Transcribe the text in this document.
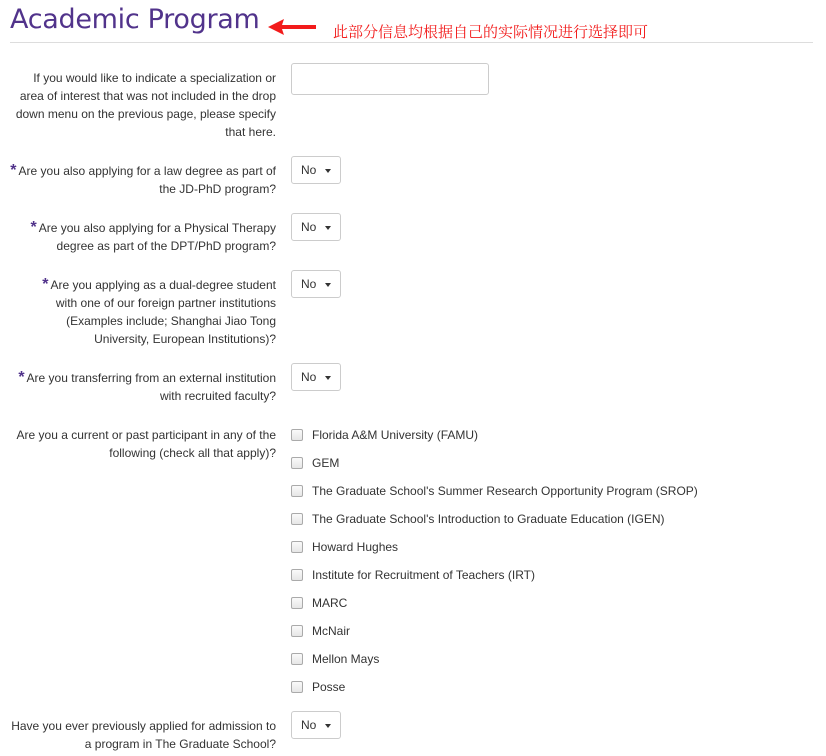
Academic Program	此部分信息均根据自己的实际情况进行选择即可
If you would like to indicate a specialization or area of interest that was not included in the drop down menu on the previous page, please specify that here.
* Are you also applying for a law degree as part of the JD-PhD program?
No
* Are you also applying for a Physical Therapy degree as part of the DPT/PhD program?
No
* Are you applying as a dual-degree student with one of our foreign partner institutions (Examples include; Shanghai Jiao Tong University, European Institutions)?
No
* Are you transferring from an external institution with recruited faculty?
No
Are you a current or past participant in any of the following (check all that apply)?
Florida A&M University (FAMU)
GEM
The Graduate School's Summer Research Opportunity Program (SROP)
The Graduate School's Introduction to Graduate Education (IGEN)
Howard Hughes
Institute for Recruitment of Teachers (IRT)
MARC
McNair
Mellon Mays
Posse
Have you ever previously applied for admission to a program in The Graduate School?
No
